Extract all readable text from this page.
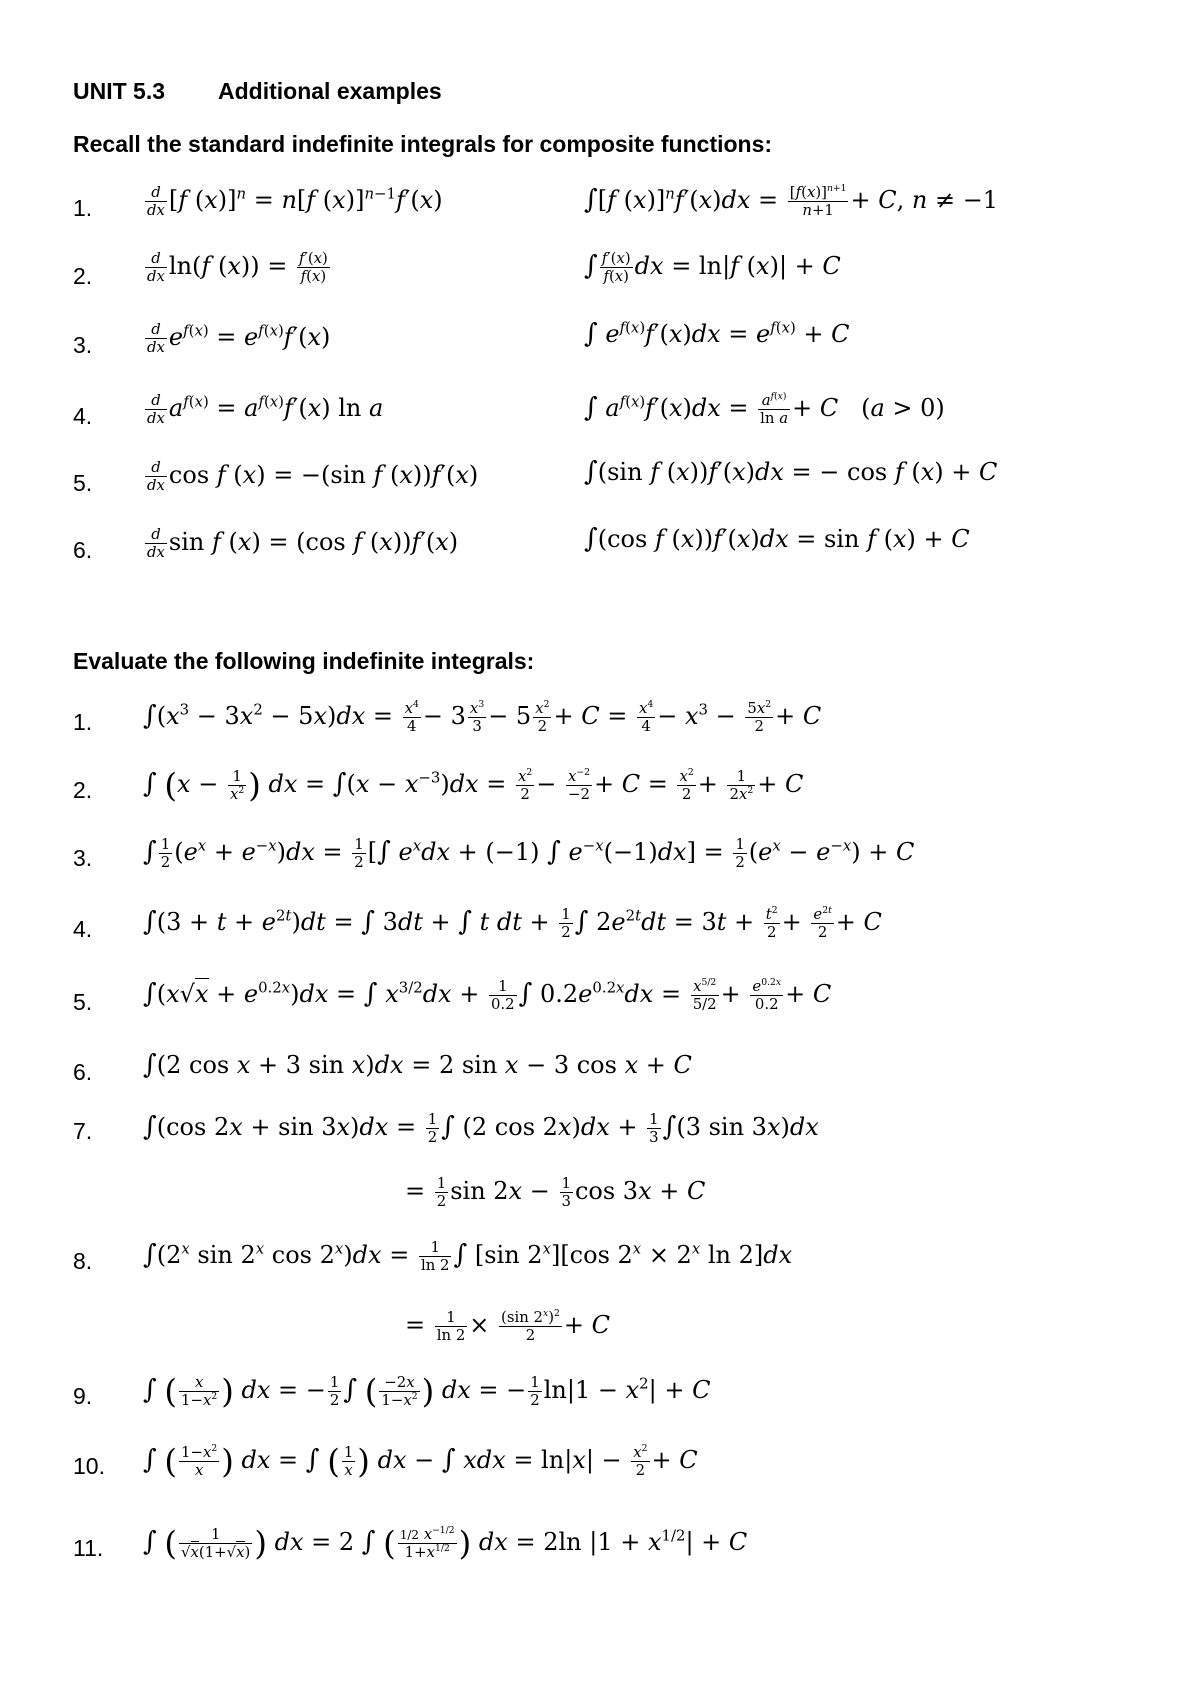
UNIT 5.3 Additional examples
Recall the standard indefinite integrals for composite functions:
1.
2.
3.
4.
5.
6.
$\frac{d}{dx} [f$ (x)]$^n$ = n[f (x)]$^{n-1}$f′(x)
$\frac{d}{dx} \ln(f$ $(x)) = \frac{f'(x)}{f(x)}$
$\frac{d}{dx} e^{f(x)} = e^{f(x)}f'(x)$
$\frac{d}{dx} a^{f(x)} = a^{f(x)}f'(x)$ ln a
$\frac{d}{dx}$ cos f (x) = −(sin f (x))f′(x)
$\frac{d}{dx}$ sin f (x) = (cos f (x))f′(x)
∫[f $(x)]^nf'(x)dx = \frac{[f(x)]^{n+1}}{n+1} + C$, n ≠ −1
∫ $\frac{f'(x)}{f(x)}$ dx = ln|f (x)| + C
∫ $e^{f(x)}f'(x)dx = e^{f(x)} + C$
∫ $a^{f(x)}f'(x)dx = \frac{a^{f(x)}}{\text{ln a}} + C$   (a > 0)
∫(sin f (x))f′(x)dx = − cos f (x) + C
∫(cos f (x))f′(x)dx = sin f (x) + C
Evaluate the following indefinite integrals:
1.
2.
3.
4.
5.
6.
7.
8.
9.
10.
11.
$\int(x^3 - 3x^2 - 5x)dx = \frac{x^4}{4} - 3 \frac{x^3}{3} - 5 \frac{x^2}{2} + C = \frac{x^4}{4} - x^3 - \frac{5x^2}{2} + C$
∫ ($x - \frac{1}{x^2}$ ) dx = $\int(x - x^{-3})dx = \frac{x^2}{2} - \frac{x^{-2}}{-2} + C = \frac{x^2}{2} + \frac{1}{2x^2} + C$
∫ $\frac{1}{2} (e^x + e^{-x})dx = \frac{1}{2}$ [∫ $e^xdx + (-1)$ ∫ $e^{-x}(-1)dx] = \frac{1}{2} (e^x - e^{-x}) + C$
$\int(3 + t + e^{2t})dt$ = ∫ 3dt + ∫ t dt + $\frac{1}{2}$ ∫ $2e^{2t}dt = 3t + \frac{t^2}{2} + \frac{e^{2t}}{2} + C$
$\int(x√x + e^{0.2x})dx$ = ∫ $x^{3/2}dx + \frac{1}{0.2}$ ∫ $0.2e^{0.2x}dx = \frac{x^{5/2}}{5/2} + \frac{e^{0.2x}}{0.2} + C$
∫(2 cos x + 3 sin x)dx = 2 sin x − 3 cos x + C
∫(cos $2x + \sin 3x)dx = \frac{1}{2}$ ∫ (2 $\cos 2x)dx + \frac{1}{3} \int(3$ sin 3x)dx
= $\frac{1}{2}$ $\sin 2x - \frac{1}{3}$ cos 3x + C
∫(2$^x$ sin 2$^x$ $\cos 2^x)dx = \frac{1}{\ln 2}$ ∫ [sin 2$^x$][cos $2^x \times 2^x$ ln 2]dx
= $\frac{1}{\ln 2} \times \frac{(\sin 2^x)^2}{2} + C$
∫ ( $\frac{x}{1-x^2}$ ) dx = − $\frac{1}{2}$ ∫ ( $\frac{-2x}{1-x^2}$ ) dx = − $\frac{1}{2} \ln|1 - x^2| + C$
∫ ( $\frac{1-x^2}{x}$ ) dx = ∫ ( $\frac{1}{x}$ ) dx − ∫ xdx = $\ln|x| - \frac{x^2}{2} + C$
∫ ( $\frac{1}{√x(1+√x)}$ ) dx = 2 ∫ ( $\frac{1/2 x^{-1/2}}{1+x^{1/2}}$ ) dx = 2ln $|1 + x^{1/2}| + C$
